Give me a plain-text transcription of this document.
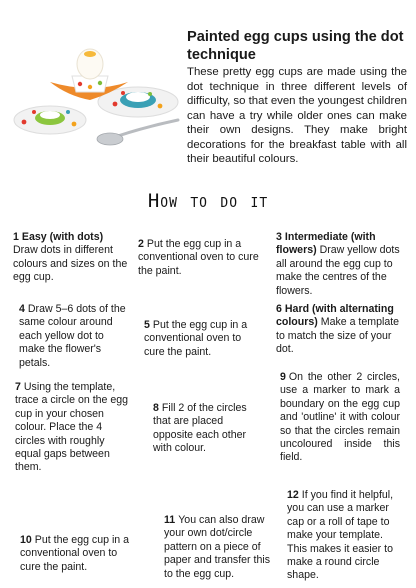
Painted egg cups using the dot technique

These pretty egg cups are made using the dot technique in three different levels of difficulty, so that even the youngest children can have a try while older ones can make their own designs. They make bright decorations for the breakfast table with all their beautiful colours.

How to do it

1 Easy (with dots)
Draw dots in different colours and sizes on the egg cup.

2 Put the egg cup in a conventional oven to cure the paint.

3 Intermediate (with flowers) Draw yellow dots all around the egg cup to make the centres of the flowers.

4 Draw 5–6 dots of the same colour around each yellow dot to make the flower's petals.

5 Put the egg cup in a conventional oven to cure the paint.

6 Hard (with alternating colours) Make a template to match the size of your dot.

7 Using the template, trace a circle on the egg cup in your chosen colour. Place the 4 circles with roughly equal gaps between them.

8 Fill 2 of the circles that are placed opposite each other with colour.

9 On the other 2 circles, use a marker to mark a boundary on the egg cup and 'outline' it with colour so that the circles remain uncoloured inside this field.

10 Put the egg cup in a conventional oven to cure the paint.

11 You can also draw your own dot/circle pattern on a piece of paper and transfer this to the egg cup.

12 If you find it helpful, you can use a marker cap or a roll of tape to make your template. This makes it easier to make a round circle shape.
